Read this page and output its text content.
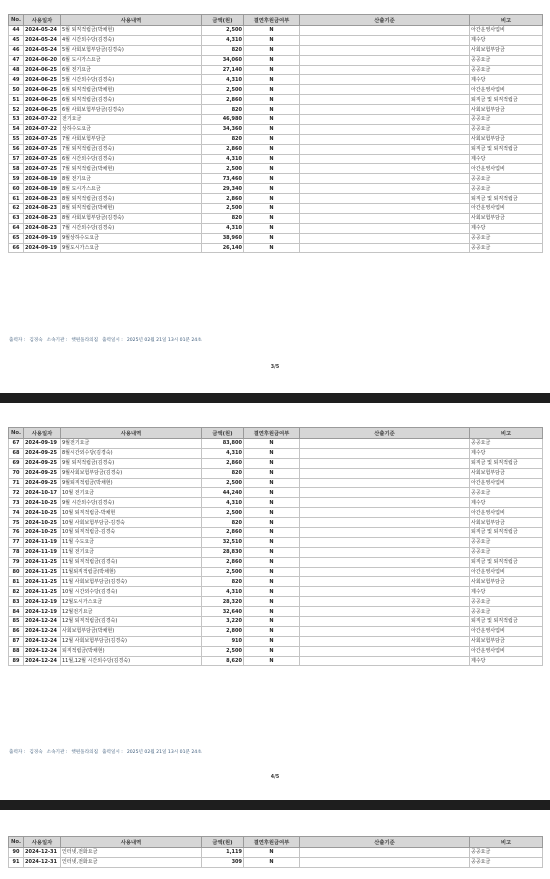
No.	사용일자	사용내역	금액(원)	결연후원금여부	산출기준	비고
44	2024-05-24	5월 퇴직적립금(박채현)	2,500	N		아간운영사업비
45	2024-05-24	4월 시간외수당(김경숙)	4,310	N		제수당
46	2024-05-24	5월 사회보험부담금(김경숙)	820	N		사회보험부담금
47	2024-06-20	6월 도시가스요금	34,060	N		공공요금
48	2024-06-25	6월 전기요금	27,140	N		공공요금
49	2024-06-25	5월 시간외수당(김경숙)	4,310	N		제수당
50	2024-06-25	6월 퇴직적립금(박채현)	2,500	N		아간운영사업비
51	2024-06-25	6월 퇴직적립금(김경숙)	2,860	N		퇴직금 및 퇴직적립금
52	2024-06-25	6월 사회보험부담금(김경숙)	820	N		사회보험부담금
53	2024-07-22	전기요금	46,980	N		공공요금
54	2024-07-22	상하수도요금	34,360	N		공공요금
55	2024-07-25	7월 사회보험부담금	820	N		사회보험부담금
56	2024-07-25	7월 퇴직적립금(김경숙)	2,860	N		퇴직금 및 퇴직적립금
57	2024-07-25	6월 시간외수당(김경숙)	4,310	N		제수당
58	2024-07-25	7월 퇴직적립금(박채현)	2,500	N		아간운영사업비
59	2024-08-19	8월 전기요금	73,460	N		공공요금
60	2024-08-19	8월 도시가스요금	29,340	N		공공요금
61	2024-08-23	8월 퇴직적립금(김경숙)	2,860	N		퇴직금 및 퇴직적립금
62	2024-08-23	8월 퇴직적립금(박채현)	2,500	N		아간운영사업비
63	2024-08-23	8월 사회보험부담금(김경숙)	820	N		사회보험부담금
64	2024-08-23	7월 시간외수당(김경숙)	4,310	N		제수당
65	2024-09-19	9월상하수도요금	38,960	N		공공요금
66	2024-09-19	9월도시가스요금	26,140	N		공공요금
출력자 : 김경숙 소속기관 : 햇편돌라의집 출력일시 : 2025년 02월 21일 13시 01분 24초
3/5
No.	사용일자	사용내역	금액(원)	결연후원금여부	산출기준	비고
67	2024-09-19	9월전기요금	83,800	N		공공요금
68	2024-09-25	8월시간외수당(김경숙)	4,310	N		제수당
69	2024-09-25	9월 퇴직적립금(김경숙)	2,860	N		퇴직금 및 퇴직적립금
70	2024-09-25	9월사회보험부담금(김경숙)	820	N		사회보험부담금
71	2024-09-25	9월퇴직적립금(박채현)	2,500	N		아간운영사업비
72	2024-10-17	10월 전기요금	44,240	N		공공요금
73	2024-10-25	9월 시간외수당(김경숙)	4,310	N		제수당
74	2024-10-25	10월 퇴직적립금-박채현	2,500	N		아간운영사업비
75	2024-10-25	10월 사회보험부담금-김경숙	820	N		사회보험부담금
76	2024-10-25	10월 퇴직적립금-김경숙	2,860	N		퇴직금 및 퇴직적립금
77	2024-11-19	11월 수도요금	32,510	N		공공요금
78	2024-11-19	11월 전기요금	28,830	N		공공요금
79	2024-11-25	11월 퇴직적립금(김경숙)	2,860	N		퇴직금 및 퇴직적립금
80	2024-11-25	11월퇴직적립금(박채현)	2,500	N		아간운영사업비
81	2024-11-25	11월 사회보험부담금(김경숙)	820	N		사회보험부담금
82	2024-11-25	10월 시간외수당(김경숙)	4,310	N		제수당
83	2024-12-19	12월도시가스요금	28,320	N		공공요금
84	2024-12-19	12월전기요금	32,640	N		공공요금
85	2024-12-24	12월 퇴직적립금(김경숙)	3,220	N		퇴직금 및 퇴직적립금
86	2024-12-24	사회보험부담금(박채현)	2,800	N		아간운영사업비
87	2024-12-24	12월 사회보험부담금(김경숙)	910	N		사회보험부담금
88	2024-12-24	퇴직적립금(박채현)	2,500	N		아간운영사업비
89	2024-12-24	11월,12월 시간외수당(김경숙)	8,620	N		제수당
출력자 : 김경숙 소속기관 : 햇편돌라의집 출력일시 : 2025년 02월 21일 13시 01분 24초
4/5
No.	사용일자	사용내역	금액(원)	결연후원금여부	산출기준	비고
90	2024-12-31	인터넷,전화요금	1,119	N		공공요금
91	2024-12-31	인터넷,전화요금	309	N		공공요금
